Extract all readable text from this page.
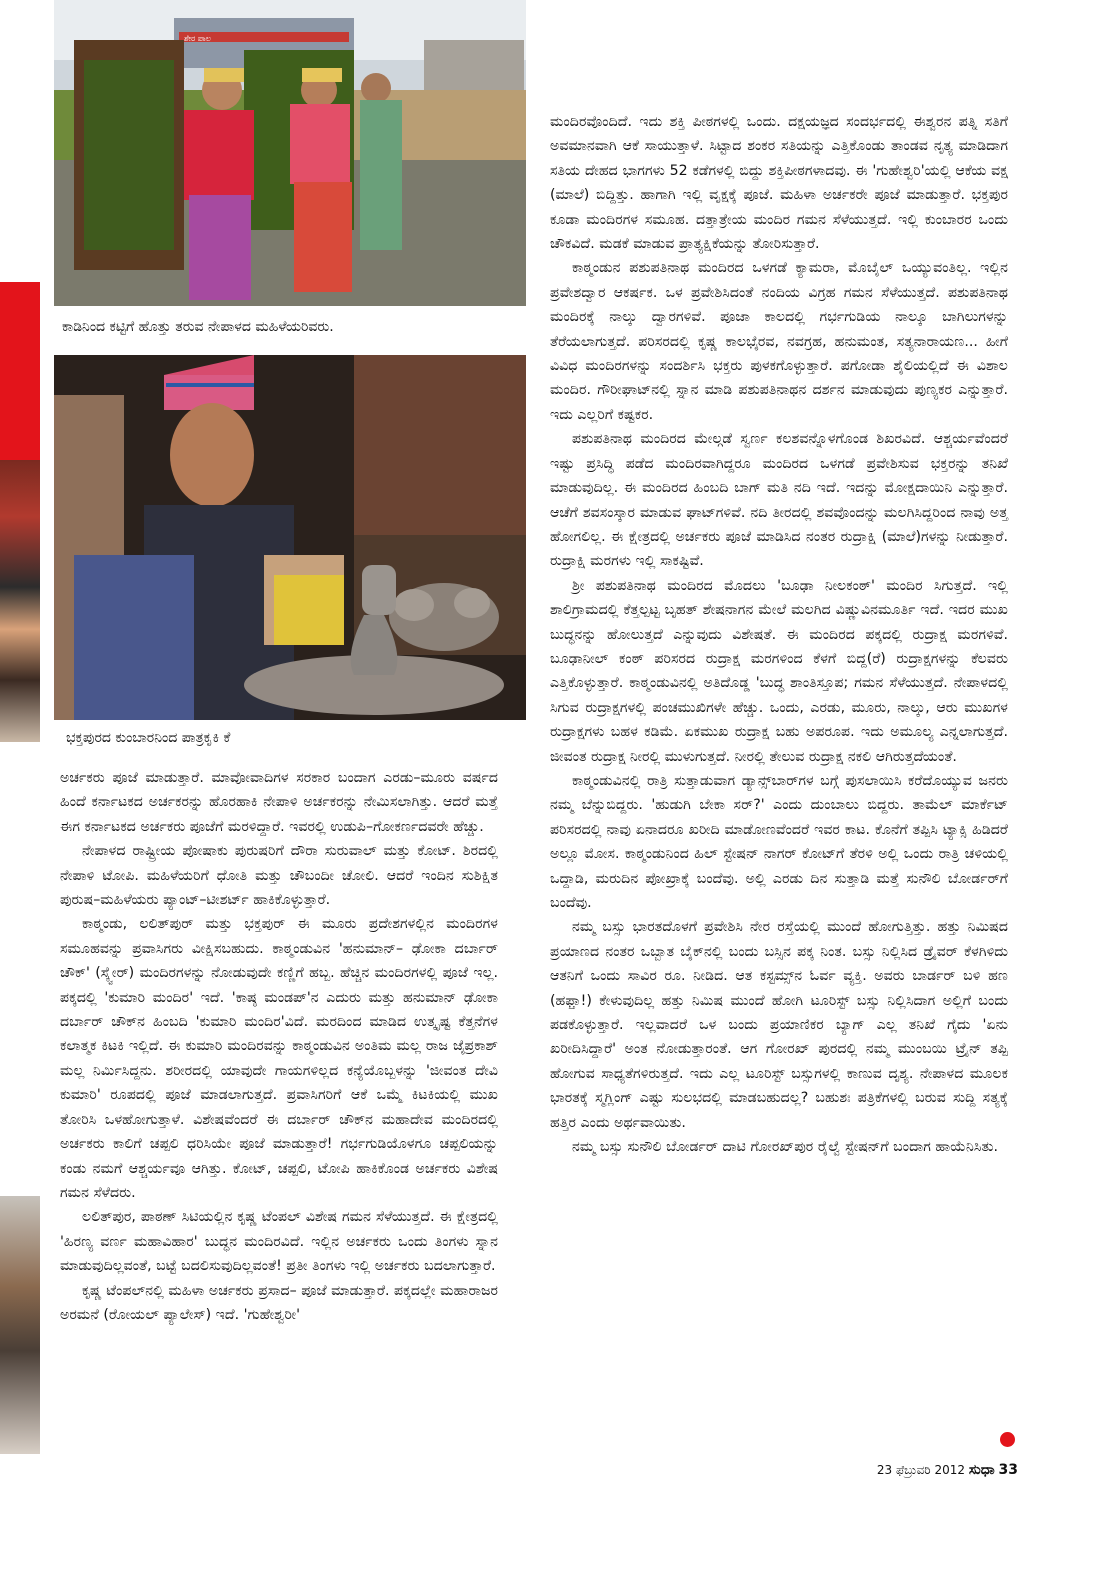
ಶೇರ ಪಾಲ
ಕಾಡಿನಿಂದ ಕಟ್ಟಿಗೆ ಹೊತ್ತು ತರುವ ನೇಪಾಳದ ಮಹಿಳೆಯರಿವರು.
ಭಕ್ತಪುರದ ಕುಂಬಾರನಿಂದ ಪಾತ್ರಕೃಕಿ ಕೆ

ಅರ್ಚಕರು ಪೂಜೆ ಮಾಡುತ್ತಾರೆ. ಮಾವೋವಾದಿಗಳ ಸರಕಾರ ಬಂದಾಗ ಎರಡು–ಮೂರು ವರ್ಷದ ಹಿಂದೆ ಕರ್ನಾಟಕದ ಅರ್ಚಕರನ್ನು ಹೊರಹಾಕಿ ನೇಪಾಳಿ ಅರ್ಚಕರನ್ನು ನೇಮಿಸಲಾಗಿತ್ತು. ಆದರೆ ಮತ್ತೆ ಈಗ ಕರ್ನಾಟಕದ ಅರ್ಚಕರು ಪೂಜೆಗೆ ಮರಳಿದ್ದಾರೆ. ಇವರಲ್ಲಿ ಉಡುಪಿ–ಗೋಕರ್ಣದವರೇ ಹೆಚ್ಚು.

ನೇಪಾಳದ ರಾಷ್ಟ್ರೀಯ ಪೋಷಾಕು ಪುರುಷರಿಗೆ ದೌರಾ ಸುರುವಾಲ್ ಮತ್ತು ಕೋಟ್. ಶಿರದಲ್ಲಿ ನೇಪಾಳಿ ಟೋಪಿ. ಮಹಿಳೆಯರಿಗೆ ಧೋತಿ ಮತ್ತು ಚೌಬಂದೀ ಚೋಲಿ. ಆದರೆ ಇಂದಿನ ಸುಶಿಕ್ಷಿತ ಪುರುಷ–ಮಹಿಳೆಯರು ಪ್ಯಾಂಟ್–ಟೀಶರ್ಟ್ ಹಾಕಿಕೊಳ್ಳುತ್ತಾರೆ.

ಕಾಠ್ಮಂಡು, ಲಲಿತ್‌ಪುರ್ ಮತ್ತು ಭಕ್ತಪುರ್ ಈ ಮೂರು ಪ್ರದೇಶಗಳಲ್ಲಿನ ಮಂದಿರಗಳ ಸಮೂಹವನ್ನು ಪ್ರವಾಸಿಗರು ವೀಕ್ಷಿಸಬಹುದು. ಕಾಠ್ಮಂಡುವಿನ 'ಹನುಮಾನ್– ಢೋಕಾ ದರ್ಬಾರ್ ಚೌಕ್' (ಸ್ಕ್ವೇರ್) ಮಂದಿರಗಳನ್ನು ನೋಡುವುದೇ ಕಣ್ಣಿಗೆ ಹಬ್ಬ. ಹೆಚ್ಚಿನ ಮಂದಿರಗಳಲ್ಲಿ ಪೂಜೆ ಇಲ್ಲ. ಪಕ್ಕದಲ್ಲಿ 'ಕುಮಾರಿ ಮಂದಿರ' ಇದೆ. 'ಕಾಷ್ಠ ಮಂಡಪ್'ನ ಎದುರು ಮತ್ತು ಹನುಮಾನ್ ಢೋಕಾ ದರ್ಬಾರ್ ಚೌಕ್‌ನ ಹಿಂಬದಿ 'ಕುಮಾರಿ ಮಂದಿರ'ವಿದೆ. ಮರದಿಂದ ಮಾಡಿದ ಉತ್ಕೃಷ್ಟ ಕೆತ್ತನೆಗಳ ಕಲಾತ್ಮಕ ಕಿಟಕಿ ಇಲ್ಲಿದೆ. ಈ ಕುಮಾರಿ ಮಂದಿರವನ್ನು ಕಾಠ್ಮಂಡುವಿನ ಅಂತಿಮ ಮಲ್ಲ ರಾಜ ಜೈಪ್ರಕಾಶ್ ಮಲ್ಲ ನಿರ್ಮಿಸಿದ್ದನು. ಶರೀರದಲ್ಲಿ ಯಾವುದೇ ಗಾಯಗಳಿಲ್ಲದ ಕನ್ಯೆಯೊಬ್ಬಳನ್ನು 'ಜೀವಂತ ದೇವಿ ಕುಮಾರಿ' ರೂಪದಲ್ಲಿ ಪೂಜೆ ಮಾಡಲಾಗುತ್ತದೆ. ಪ್ರವಾಸಿಗರಿಗೆ ಆಕೆ ಒಮ್ಮೆ ಕಿಟಕಿಯಲ್ಲಿ ಮುಖ ತೋರಿಸಿ ಒಳಹೋಗುತ್ತಾಳೆ. ವಿಶೇಷವೆಂದರೆ ಈ ದರ್ಬಾರ್ ಚೌಕ್‌ನ ಮಹಾದೇವ ಮಂದಿರದಲ್ಲಿ ಅರ್ಚಕರು ಕಾಲಿಗೆ ಚಪ್ಪಲಿ ಧರಿಸಿಯೇ ಪೂಜೆ ಮಾಡುತ್ತಾರೆ! ಗರ್ಭಗುಡಿಯೊಳಗೂ ಚಪ್ಪಲಿಯನ್ನು ಕಂಡು ನಮಗೆ ಆಶ್ಚರ್ಯವೂ ಆಗಿತ್ತು. ಕೋಟ್, ಚಪ್ಪಲಿ, ಟೋಪಿ ಹಾಕಿಕೊಂಡ ಅರ್ಚಕರು ವಿಶೇಷ ಗಮನ ಸೆಳೆದರು.

ಲಲಿತ್‌ಪುರ, ಪಾಠಣ್ ಸಿಟಿಯಲ್ಲಿನ ಕೃಷ್ಣ ಟೆಂಪಲ್ ವಿಶೇಷ ಗಮನ ಸೆಳೆಯುತ್ತದೆ. ಈ ಕ್ಷೇತ್ರದಲ್ಲಿ 'ಹಿರಣ್ಯ ವರ್ಣ ಮಹಾವಿಹಾರ' ಬುದ್ಧನ ಮಂದಿರವಿದೆ. ಇಲ್ಲಿನ ಅರ್ಚಕರು ಒಂದು ತಿಂಗಳು ಸ್ನಾನ ಮಾಡುವುದಿಲ್ಲವಂತೆ, ಬಟ್ಟೆ ಬದಲಿಸುವುದಿಲ್ಲವಂತೆ! ಪ್ರತೀ ತಿಂಗಳು ಇಲ್ಲಿ ಅರ್ಚಕರು ಬದಲಾಗುತ್ತಾರೆ.

ಕೃಷ್ಣ ಟೆಂಪಲ್‌ನಲ್ಲಿ ಮಹಿಳಾ ಅರ್ಚಕರು ಪ್ರಸಾದ– ಪೂಜೆ ಮಾಡುತ್ತಾರೆ. ಪಕ್ಕದಲ್ಲೇ ಮಹಾರಾಜರ ಅರಮನೆ (ರೋಯಲ್ ಪ್ಯಾಲೇಸ್) ಇದೆ. 'ಗುಹೇಶ್ವರೀ'

ಮಂದಿರವೊಂದಿದೆ. ಇದು ಶಕ್ತಿ ಪೀಠಗಳಲ್ಲಿ ಒಂದು. ದಕ್ಷಯಜ್ಞದ ಸಂದರ್ಭದಲ್ಲಿ ಈಶ್ವರನ ಪತ್ನಿ ಸತಿಗೆ ಅವಮಾನವಾಗಿ ಆಕೆ ಸಾಯುತ್ತಾಳೆ. ಸಿಟ್ಟಾದ ಶಂಕರ ಸತಿಯನ್ನು ಎತ್ತಿಕೊಂಡು ತಾಂಡವ ನೃತ್ಯ ಮಾಡಿದಾಗ ಸತಿಯ ದೇಹದ ಭಾಗಗಳು 52 ಕಡೆಗಳಲ್ಲಿ ಬಿದ್ದು ಶಕ್ತಿಪೀಠಗಳಾದವು. ಈ 'ಗುಹೇಶ್ವರಿ'ಯಲ್ಲಿ ಆಕೆಯ ವಕ್ಷ (ಮಾಲೆ) ಬಿದ್ದಿತ್ತು. ಹಾಗಾಗಿ ಇಲ್ಲಿ ವೃಕ್ಷಕ್ಕೆ ಪೂಜೆ. ಮಹಿಳಾ ಅರ್ಚಕರೇ ಪೂಜೆ ಮಾಡುತ್ತಾರೆ. ಭಕ್ತಪುರ ಕೂಡಾ ಮಂದಿರಗಳ ಸಮೂಹ. ದತ್ತಾತ್ರೇಯ ಮಂದಿರ ಗಮನ ಸೆಳೆಯುತ್ತದೆ. ಇಲ್ಲಿ ಕುಂಬಾರರ ಒಂದು ಚೌಕವಿದೆ. ಮಡಕೆ ಮಾಡುವ ಪ್ರಾತ್ಯಕ್ಷಿಕೆಯನ್ನು ತೋರಿಸುತ್ತಾರೆ.

ಕಾಠ್ಮಂಡುನ ಪಶುಪತಿನಾಥ ಮಂದಿರದ ಒಳಗಡೆ ಕ್ಯಾಮರಾ, ಮೊಬೈಲ್ ಒಯ್ಯುವಂತಿಲ್ಲ. ಇಲ್ಲಿನ ಪ್ರವೇಶದ್ವಾರ ಆಕರ್ಷಕ. ಒಳ ಪ್ರವೇಶಿಸಿದಂತೆ ನಂದಿಯ ವಿಗ್ರಹ ಗಮನ ಸೆಳೆಯುತ್ತದೆ. ಪಶುಪತಿನಾಥ ಮಂದಿರಕ್ಕೆ ನಾಲ್ಕು ದ್ವಾರಗಳಿವೆ. ಪೂಜಾ ಕಾಲದಲ್ಲಿ ಗರ್ಭಗುಡಿಯ ನಾಲ್ಕೂ ಬಾಗಿಲುಗಳನ್ನು ತೆರೆಯಲಾಗುತ್ತದೆ. ಪರಿಸರದಲ್ಲಿ ಕೃಷ್ಣ ಕಾಲಭೈರವ, ನವಗ್ರಹ, ಹನುಮಂತ, ಸತ್ಯನಾರಾಯಣ... ಹೀಗೆ ವಿವಿಧ ಮಂದಿರಗಳನ್ನು ಸಂದರ್ಶಿಸಿ ಭಕ್ತರು ಪುಳಕಗೊಳ್ಳುತ್ತಾರೆ. ಪಗೋಡಾ ಶೈಲಿಯಲ್ಲಿದೆ ಈ ವಿಶಾಲ ಮಂದಿರ. ಗೌರೀಘಾಟ್‌ನಲ್ಲಿ ಸ್ನಾನ ಮಾಡಿ ಪಶುಪತಿನಾಥನ ದರ್ಶನ ಮಾಡುವುದು ಪುಣ್ಯಕರ ಎನ್ನುತ್ತಾರೆ. ಇದು ಎಲ್ಲರಿಗೆ ಕಷ್ಟಕರ.

ಪಶುಪತಿನಾಥ ಮಂದಿರದ ಮೇಲ್ಗಡೆ ಸ್ವರ್ಣ ಕಲಶವನ್ನೊಳಗೊಂಡ ಶಿಖರವಿದೆ. ಆಶ್ಚರ್ಯವೆಂದರೆ ಇಷ್ಟು ಪ್ರಸಿದ್ಧಿ ಪಡೆದ ಮಂದಿರವಾಗಿದ್ದರೂ ಮಂದಿರದ ಒಳಗಡೆ ಪ್ರವೇಶಿಸುವ ಭಕ್ತರನ್ನು ತನಿಖೆ ಮಾಡುವುದಿಲ್ಲ. ಈ ಮಂದಿರದ ಹಿಂಬದಿ ಬಾಗ್ ಮತಿ ನದಿ ಇದೆ. ಇದನ್ನು ಮೋಕ್ಷದಾಯಿನಿ ಎನ್ನುತ್ತಾರೆ. ಆಚೆಗೆ ಶವಸಂಸ್ಕಾರ ಮಾಡುವ ಘಾಟ್‌ಗಳಿವೆ. ನದಿ ತೀರದಲ್ಲಿ ಶವವೊಂದನ್ನು ಮಲಗಿಸಿದ್ದರಿಂದ ನಾವು ಅತ್ತ ಹೋಗಲಿಲ್ಲ. ಈ ಕ್ಷೇತ್ರದಲ್ಲಿ ಅರ್ಚಕರು ಪೂಜೆ ಮಾಡಿಸಿದ ನಂತರ ರುದ್ರಾಕ್ಷಿ (ಮಾಲೆ)ಗಳನ್ನು ನೀಡುತ್ತಾರೆ. ರುದ್ರಾಕ್ಷಿ ಮರಗಳು ಇಲ್ಲಿ ಸಾಕಷ್ಟಿವೆ.

ಶ್ರೀ ಪಶುಪತಿನಾಥ ಮಂದಿರದ ಮೊದಲು 'ಬೂಢಾ ನೀಲಕಂಠ್' ಮಂದಿರ ಸಿಗುತ್ತದೆ. ಇಲ್ಲಿ ಶಾಲಿಗ್ರಾಮದಲ್ಲಿ ಕೆತ್ತಲ್ಪಟ್ಟ ಬೃಹತ್ ಶೇಷನಾಗನ ಮೇಲೆ ಮಲಗಿದ ವಿಷ್ಣುವಿನಮೂರ್ತಿ ಇದೆ. ಇದರ ಮುಖ ಬುದ್ಧನನ್ನು ಹೋಲುತ್ತದೆ ಎನ್ನುವುದು ವಿಶೇಷತೆ. ಈ ಮಂದಿರದ ಪಕ್ಕದಲ್ಲಿ ರುದ್ರಾಕ್ಷ ಮರಗಳಿವೆ. ಬೂಢಾನೀಲ್ ಕಂಠ್ ಪರಿಸರದ ರುದ್ರಾಕ್ಷ ಮರಗಳಿಂದ ಕೆಳಗೆ ಬಿದ್ದ(ರೆ) ರುದ್ರಾಕ್ಷಗಳನ್ನು ಕೆಲವರು ಎತ್ತಿಕೊಳ್ಳುತ್ತಾರೆ. ಕಾಠ್ಮಂಡುವಿನಲ್ಲಿ ಅತಿದೊಡ್ಡ 'ಬುದ್ಧ ಶಾಂತಿಸ್ತೂಪ; ಗಮನ ಸೆಳೆಯುತ್ತದೆ. ನೇಪಾಳದಲ್ಲಿ ಸಿಗುವ ರುದ್ರಾಕ್ಷಗಳಲ್ಲಿ ಪಂಚಮುಖಿಗಳೇ ಹೆಚ್ಚು. ಒಂದು, ಎರಡು, ಮೂರು, ನಾಲ್ಕು, ಆರು ಮುಖಗಳ ರುದ್ರಾಕ್ಷಗಳು ಬಹಳ ಕಡಿಮೆ. ಏಕಮುಖ ರುದ್ರಾಕ್ಷ ಬಹು ಅಪರೂಪ. ಇದು ಅಮೂಲ್ಯ ಎನ್ನಲಾಗುತ್ತದೆ. ಜೀವಂತ ರುದ್ರಾಕ್ಷ ನೀರಲ್ಲಿ ಮುಳುಗುತ್ತದೆ. ನೀರಲ್ಲಿ ತೇಲುವ ರುದ್ರಾಕ್ಷ ನಕಲಿ ಆಗಿರುತ್ತದೆಯಂತೆ.

ಕಾಠ್ಮಂಡುವಿನಲ್ಲಿ ರಾತ್ರಿ ಸುತ್ತಾಡುವಾಗ ಡ್ಯಾನ್ಸ್‌ಬಾರ್‌ಗಳ ಬಗ್ಗೆ ಪುಸಲಾಯಿಸಿ ಕರೆದೊಯ್ಯುವ ಜನರು ನಮ್ಮ ಬೆನ್ನುಬಿದ್ದರು. 'ಹುಡುಗಿ ಬೇಕಾ ಸರ್?' ಎಂದು ದುಂಬಾಲು ಬಿದ್ದರು. ತಾಮೆಲ್ ಮಾರ್ಕೆಟ್ ಪರಿಸರದಲ್ಲಿ ನಾವು ಏನಾದರೂ ಖರೀದಿ ಮಾಡೋಣವೆಂದರೆ ಇವರ ಕಾಟ. ಕೊನೆಗೆ ತಪ್ಪಿಸಿ ಟ್ಯಾಕ್ಸಿ ಹಿಡಿದರೆ ಅಲ್ಲೂ ಮೋಸ. ಕಾಠ್ಮಂಡುನಿಂದ ಹಿಲ್ ಸ್ಟೇಷನ್ ನಾಗರ್ ಕೋಟ್‌ಗೆ ತೆರಳಿ ಅಲ್ಲಿ ಒಂದು ರಾತ್ರಿ ಚಳಿಯಲ್ಲಿ ಒದ್ದಾಡಿ, ಮರುದಿನ ಪೋಖ್ರಾಕ್ಕೆ ಬಂದೆವು. ಅಲ್ಲಿ ಎರಡು ದಿನ ಸುತ್ತಾಡಿ ಮತ್ತೆ ಸುನೌಲಿ ಬೋರ್ಡರ್‌ಗೆ ಬಂದೆವು.

ನಮ್ಮ ಬಸ್ಸು ಭಾರತದೊಳಗೆ ಪ್ರವೇಶಿಸಿ ನೇರ ರಸ್ತೆಯಲ್ಲಿ ಮುಂದೆ ಹೋಗುತ್ತಿತ್ತು. ಹತ್ತು ನಿಮಿಷದ ಪ್ರಯಾಣದ ನಂತರ ಒಬ್ಬಾತ ಬೈಕ್‌ನಲ್ಲಿ ಬಂದು ಬಸ್ಸಿನ ಪಕ್ಕ ನಿಂತ. ಬಸ್ಸು ನಿಲ್ಲಿಸಿದ ಡ್ರೈವರ್ ಕೆಳಗಿಳಿದು ಆತನಿಗೆ ಒಂದು ಸಾವಿರ ರೂ. ನೀಡಿದ. ಆತ ಕಸ್ಟಮ್ಸ್‌ನ ಓರ್ವ ವ್ಯಕ್ತಿ. ಅವರು ಬಾರ್ಡರ್ ಬಳಿ ಹಣ (ಹಫ್ತಾ!) ಕೇಳುವುದಿಲ್ಲ ಹತ್ತು ನಿಮಿಷ ಮುಂದೆ ಹೋಗಿ ಟೂರಿಸ್ಟ್ ಬಸ್ಸು ನಿಲ್ಲಿಸಿದಾಗ ಅಲ್ಲಿಗೆ ಬಂದು ಪಡಕೊಳ್ಳುತ್ತಾರೆ. ಇಲ್ಲವಾದರೆ ಒಳ ಬಂದು ಪ್ರಯಾಣಿಕರ ಬ್ಯಾಗ್ ಎಲ್ಲ ತನಿಖೆ ಗೈದು 'ಏನು ಖರೀದಿಸಿದ್ದಾರೆ' ಅಂತ ನೋಡುತ್ತಾರಂತೆ. ಆಗ ಗೋರಖ್ ಪುರದಲ್ಲಿ ನಮ್ಮ ಮುಂಬಯಿ ಟ್ರೈನ್ ತಪ್ಪಿ ಹೋಗುವ ಸಾಧ್ಯತೆಗಳಿರುತ್ತದೆ. ಇದು ಎಲ್ಲ ಟೂರಿಸ್ಟ್ ಬಸ್ಸುಗಳಲ್ಲಿ ಕಾಣುವ ದೃಶ್ಯ. ನೇಪಾಳದ ಮೂಲಕ ಭಾರತಕ್ಕೆ ಸ್ಮಗ್ಲಿಂಗ್ ಎಷ್ಟು ಸುಲಭದಲ್ಲಿ ಮಾಡಬಹುದಲ್ಲ? ಬಹುಶಃ ಪತ್ರಿಕೆಗಳಲ್ಲಿ ಬರುವ ಸುದ್ದಿ ಸತ್ಯಕ್ಕೆ ಹತ್ತಿರ ಎಂದು ಅರ್ಥವಾಯಿತು.

ನಮ್ಮ ಬಸ್ಸು ಸುನೌಲಿ ಬೋರ್ಡರ್ ದಾಟಿ ಗೋರಖ್‌ಪುರ ರೈಲ್ವೆ ಸ್ಟೇಷನ್‌ಗೆ ಬಂದಾಗ ಹಾಯೆನಿಸಿತು.

23 ಫೆಬ್ರುವರಿ 2012 ಸುಧಾ 33
